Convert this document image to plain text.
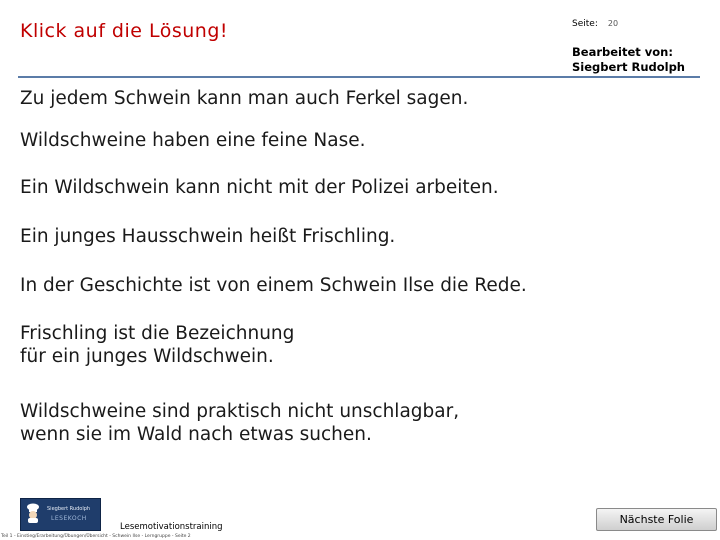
Klick auf die Lösung!	Seite: 20
Bearbeitet von:
Siegbert Rudolph
Zu jedem Schwein kann man auch Ferkel sagen.
Wildschweine haben eine feine Nase.
Ein Wildschwein kann nicht mit der Polizei arbeiten.
Ein junges Hausschwein heißt Frischling.
In der Geschichte ist von einem Schwein Ilse die Rede.
Frischling ist die Bezeichnung
für ein junges Wildschwein.
Wildschweine sind praktisch nicht unschlagbar,
wenn sie im Wald nach etwas suchen.
Siegbert Rudolph
LESEKOCH
Lesemotivationstraining
Teil 1 - Einstieg/Erarbeitung/Übungen/Übersicht - Schwein Ilse - Lerngruppe - Seite 2
Nächste Folie
